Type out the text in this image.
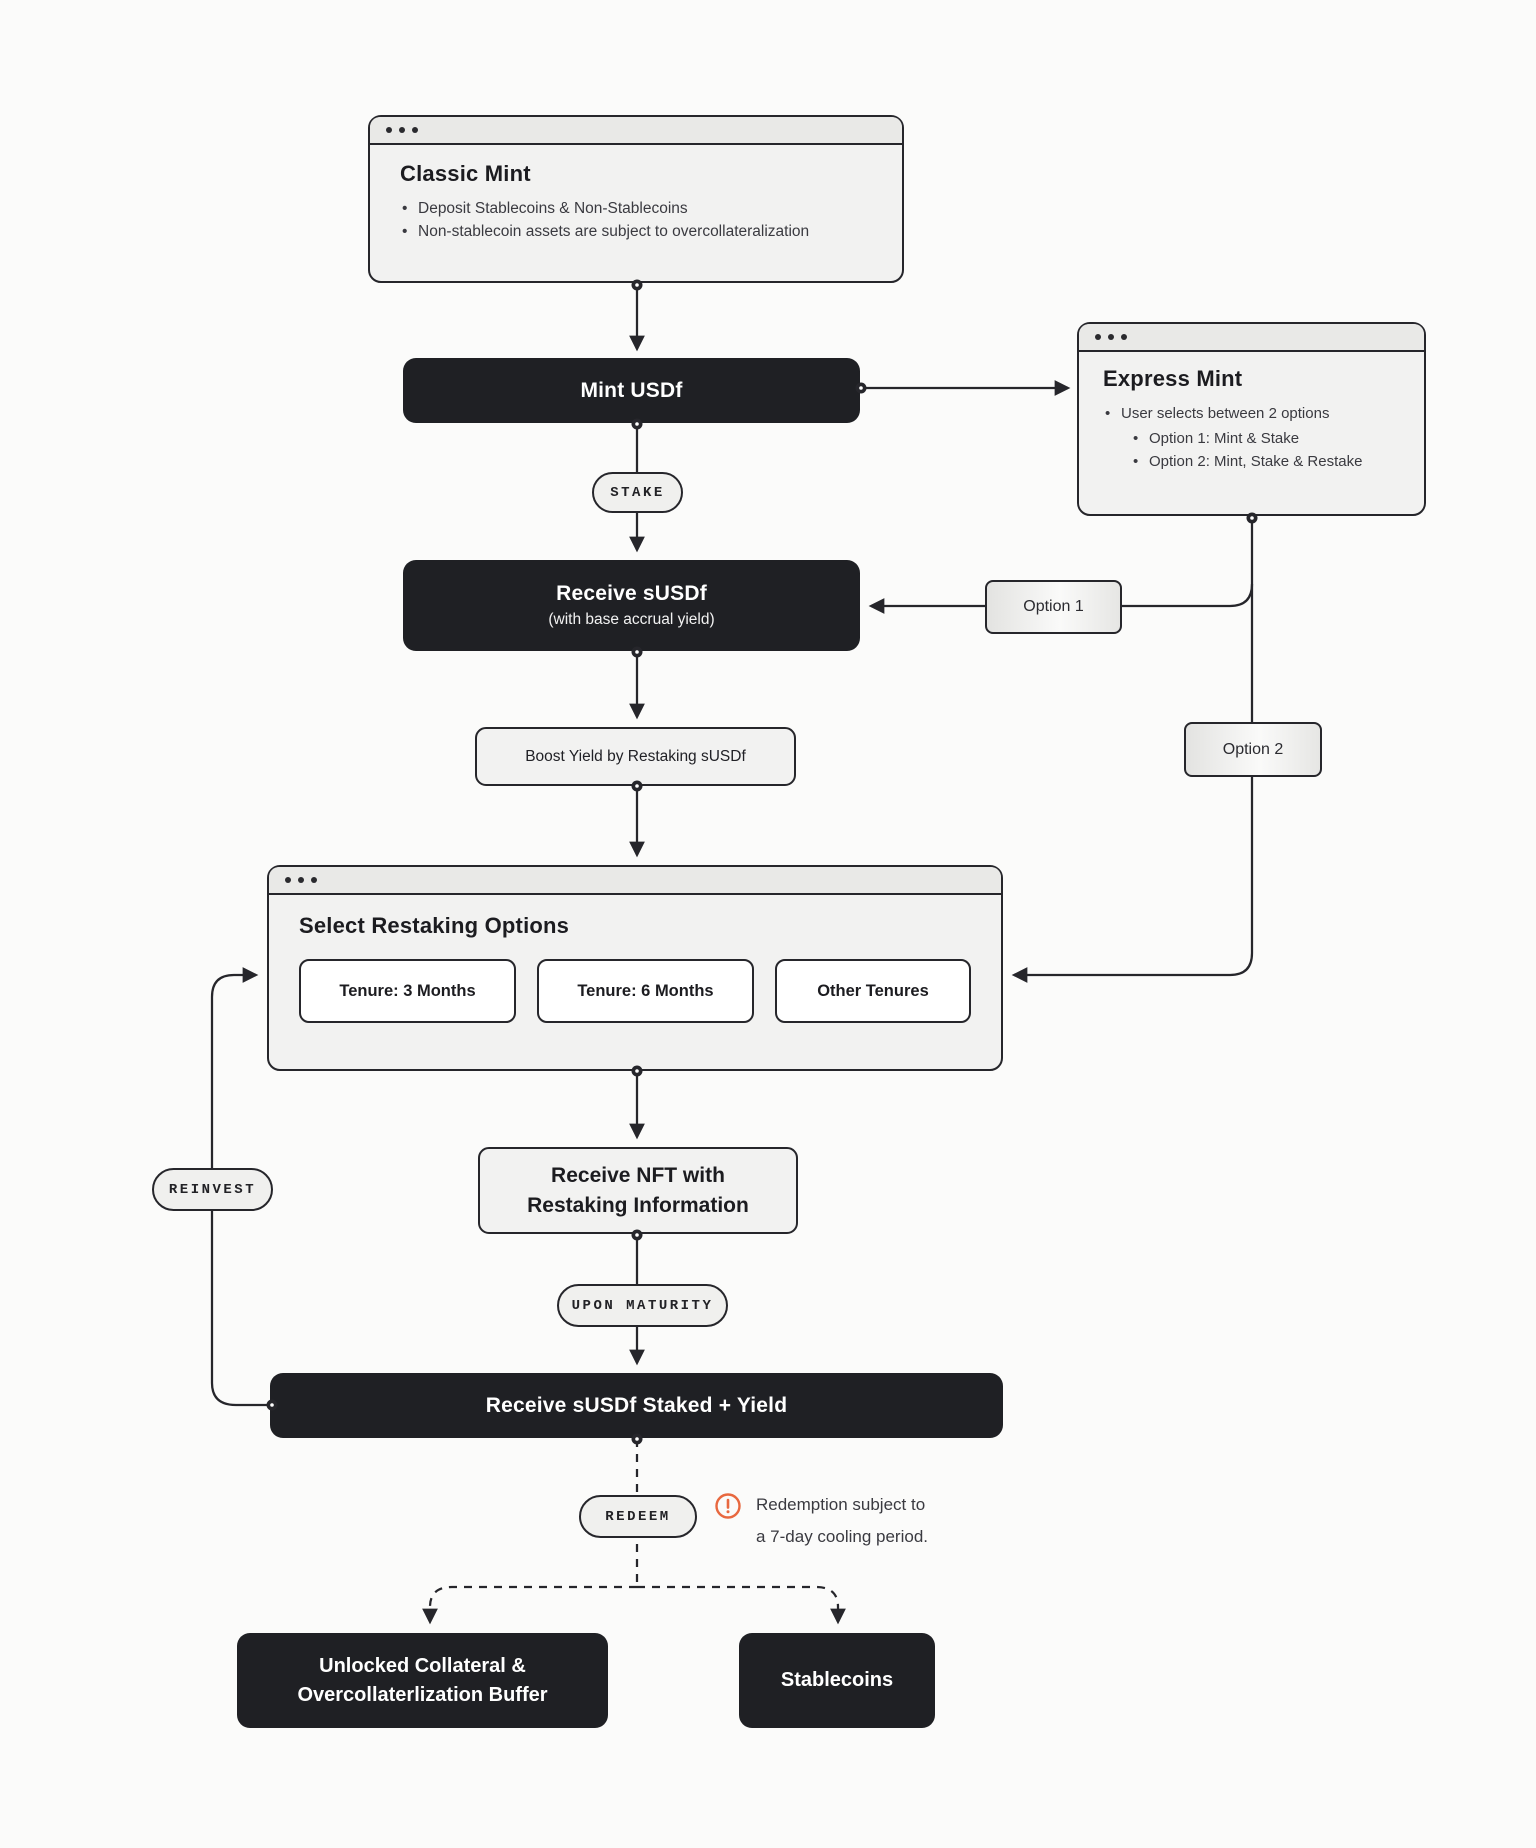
Classic Mint
• Deposit Stablecoins & Non-Stablecoins
• Non-stablecoin assets are subject to overcollateralization
Mint USDf
STAKE
Express Mint
• User selects between 2 options
• Option 1: Mint & Stake
• Option 2: Mint, Stake & Restake
Receive sUSDf
(with base accrual yield)
Option 1
Boost Yield by Restaking sUSDf	Option 2
Select Restaking Options
Tenure: 3 Months	Tenure: 6 Months	Other Tenures
REINVEST
Receive NFT with
Restaking Information
UPON MATURITY
Receive sUSDf Staked + Yield
REDEEM
Redemption subject to
a 7-day cooling period.
Unlocked Collateral &
Overcollaterlization Buffer
Stablecoins
